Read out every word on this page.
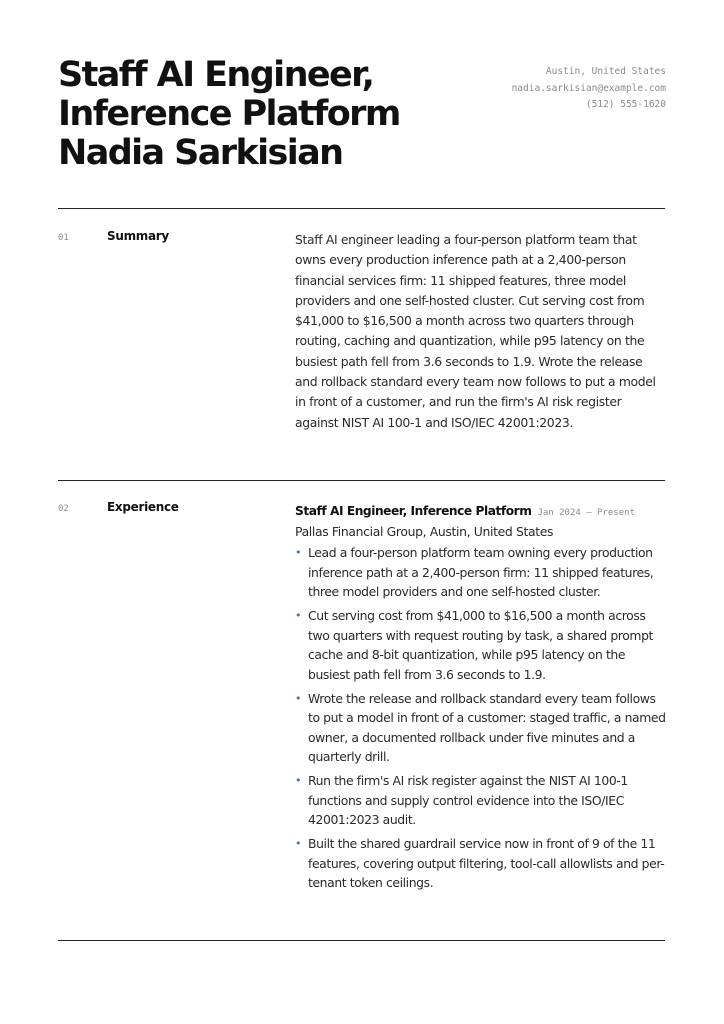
Staff AI Engineer,
Inference Platform
Nadia Sarkisian
Austin, United States
nadia.sarkisian@example.com
(512) 555-1620
01	Summary	Staff AI engineer leading a four-person platform team that owns every production inference path at a 2,400-person financial services firm: 11 shipped features, three model providers and one self-hosted cluster. Cut serving cost from $41,000 to $16,500 a month across two quarters through routing, caching and quantization, while p95 latency on the busiest path fell from 3.6 seconds to 1.9. Wrote the release and rollback standard every team now follows to put a model in front of a customer, and run the firm's AI risk register against NIST AI 100-1 and ISO/IEC 42001:2023.
02	Experience	Staff AI Engineer, Inference Platform Jan 2024 – Present
Pallas Financial Group, Austin, United States
• Lead a four-person platform team owning every production inference path at a 2,400-person firm: 11 shipped features, three model providers and one self-hosted cluster.
• Cut serving cost from $41,000 to $16,500 a month across two quarters with request routing by task, a shared prompt cache and 8-bit quantization, while p95 latency on the busiest path fell from 3.6 seconds to 1.9.
• Wrote the release and rollback standard every team follows to put a model in front of a customer: staged traffic, a named owner, a documented rollback under five minutes and a quarterly drill.
• Run the firm's AI risk register against the NIST AI 100-1 functions and supply control evidence into the ISO/IEC 42001:2023 audit.
• Built the shared guardrail service now in front of 9 of the 11 features, covering output filtering, tool-call allowlists and per-tenant token ceilings.
